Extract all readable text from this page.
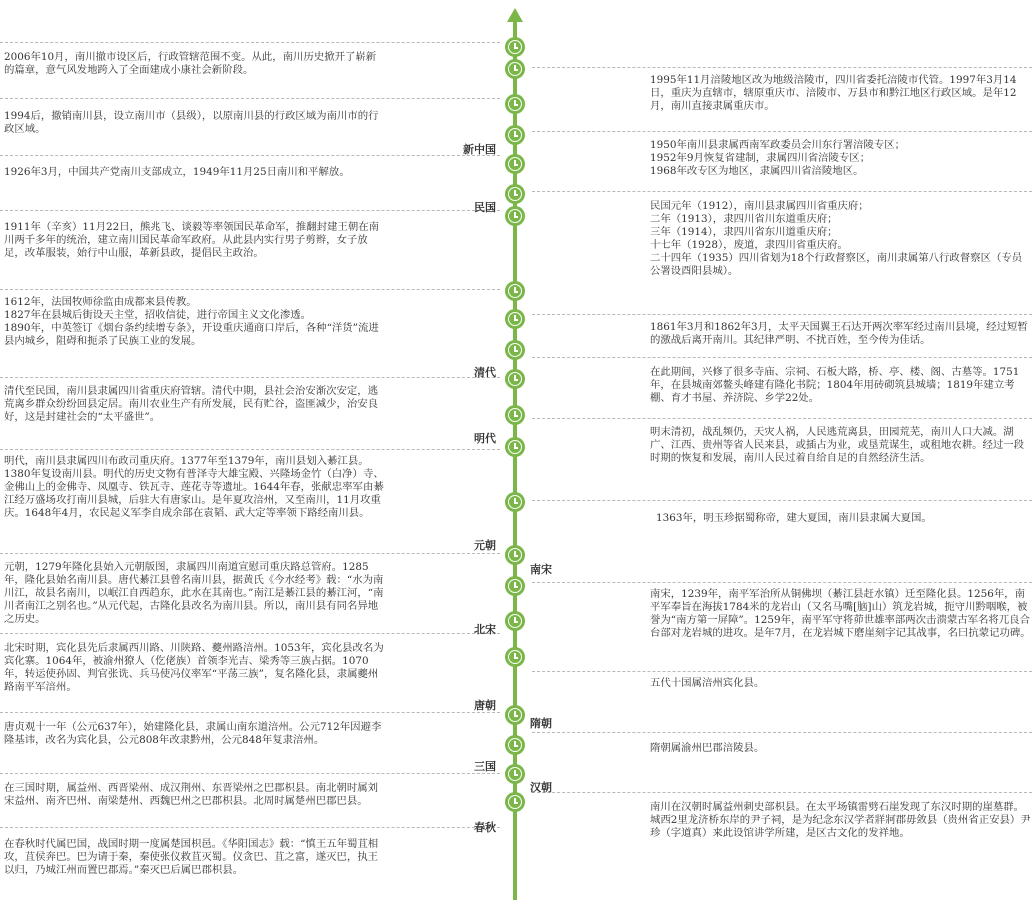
新中国
民国
清代
明代
元朝
南宋
北宋
唐朝
隋朝
三国
汉朝
春秋
2006年10月，南川撤市设区后，行政管辖范围不变。从此，南川历史掀开了崭新的篇章，意气风发地跨入了全面建成小康社会新阶段。
1994后，撤销南川县，设立南川市（县级），以原南川县的行政区域为南川市的行政区域。
1926年3月，中国共产党南川支部成立，1949年11月25日南川和平解放。
1911年（辛亥）11月22日，熊兆飞、谈毅等率领国民革命军，推翻封建王朝在南川两千多年的统治，建立南川国民革命军政府。从此县内实行男子剪辫，女子放足，改革服装，始行中山服，革新县政，提倡民主政治。
1612年，法国牧师徐监由成都来县传教。
1827年在县城后街设天主堂，招收信徒，进行帝国主义文化渗透。
1890年，中英签订《烟台条约续增专条》，开设重庆通商口岸后，各种“洋货”流进县内城乡，阻碍和扼杀了民族工业的发展。
清代至民国，南川县隶属四川省重庆府管辖。清代中期，县社会治安渐次安定，逃荒离乡群众纷纷回县定居。南川农业生产有所发展，民有贮谷，盗匪减少，治安良好，这是封建社会的“太平盛世”。
明代，南川县隶属四川布政司重庆府。1377年至1379年，南川县划入綦江县。1380年复设南川县。明代的历史文物有普泽寺大雄宝殿、兴隆场金竹（白净）寺、金佛山上的金佛寺、凤凰寺、铁瓦寺、莲花寺等遗址。1644年春，张献忠率军由綦江经万盛场攻打南川县城，后驻大有唐家山。是年夏攻涪州，又至南川，11月攻重庆。1648年4月，农民起义军李自成余部在袁韬、武大定等率领下路经南川县。
元朝，1279年隆化县始入元朝版图，隶属四川南道宣慰司重庆路总管府。1285年，隆化县始名南川县。唐代綦江县曾名南川县，据黄氏《今水经考》载：“水为南川江，故县名南川，以岷江自西趋东，此水在其南也。”南江是綦江县的綦江河，“南川者南江之别名也。”从元代起，古隆化县改名为南川县。所以，南川县有同名异地之历史。
北宋时期，宾化县先后隶属西川路、川陕路、夔州路涪州。1053年，宾化县改名为宾化寨。1064年，被渝州獠人（仡佬族）首领李光吉、梁秀等三族占据。1070年，转运使孙固、判官张诜、兵马使冯仪率军“平荡三族”，复名隆化县，隶属夔州路南平军涪州。
唐贞观十一年（公元637年），始建隆化县，隶属山南东道涪州。公元712年因避李隆基讳，改名为宾化县，公元808年改隶黔州，公元848年复隶涪州。
在三国时期，属益州、西晋梁州、成汉荆州、东晋梁州之巴郡枳县。南北朝时属刘宋益州、南齐巴州、南梁楚州、西魏巴州之巴郡枳县。北周时属楚州巴郡巴县。
在春秋时代属巴国，战国时期一度属楚国枳邑。《华阳国志》载：“慎王五年蜀苴相攻，苴侯奔巴。巴为请于秦，秦使张仪救苴灭蜀。仪贪巴、苴之富，遂灭巴，执王以归，乃城江州而置巴郡焉。”秦灭巴后属巴郡枳县。
1995年11月涪陵地区改为地级涪陵市，四川省委托涪陵市代管。1997年3月14日，重庆为直辖市，辖原重庆市、涪陵市、万县市和黔江地区行政区域。是年12月，南川直接隶属重庆市。
1950年南川县隶属西南军政委员会川东行署涪陵专区；
1952年9月恢复省建制，隶属四川省涪陵专区；
1968年改专区为地区，隶属四川省涪陵地区。
民国元年（1912），南川县隶属四川省重庆府；
二年（1913），隶四川省川东道重庆府；
三年（1914），隶四川省东川道重庆府；
十七年（1928），废道，隶四川省重庆府。
二十四年（1935）四川省划为18个行政督察区，南川隶属第八行政督察区（专员公署设酉阳县城）。
1861年3月和1862年3月，太平天国翼王石达开两次率军经过南川县境，经过短暂的激战后离开南川。其纪律严明、不扰百姓，至今传为佳话。
在此期间，兴修了很多寺庙、宗祠、石板大路，桥、亭、楼、阁、古墓等。1751年，在县城南郊鳌头峰建有隆化书院；1804年用砖砌筑县城墙；1819年建立考棚、育才书屋、养济院、乡学22处。
明末清初，战乱频仍，天灾人祸，人民逃荒离县，田园荒芜，南川人口大减。湖广、江西、贵州等省人民来县，或插占为业，或垦荒谋生，或租地农耕。经过一段时期的恢复和发展，南川人民过着自给自足的自然经济生活。
1363年，明玉珍据蜀称帝，建大夏国，南川县隶属大夏国。
南宋，1239年，南平军治所从铜佛坝（綦江县赶水镇）迁至隆化县。1256年，南平军奉旨在海拔1784米的龙岩山（又名马嘴[脑]山）筑龙岩城，扼守川黔咽喉，被誉为“南方第一屏障”。1259年，南平军守将茆世雄率部两次击溃蒙古军名将兀良合台部对龙岩城的进攻。是年7月，在龙岩城下磨崖刻字记其战事，名曰抗蒙记功碑。
五代十国属涪州宾化县。
隋朝属渝州巴郡涪陵县。
南川在汉朝时属益州刺史部枳县。在太平场镇雷劈石崖发现了东汉时期的崖墓群。城西2里龙济桥东岸的尹子祠，是为纪念东汉学者牂牁郡毋敛县（贵州省正安县）尹珍（字道真）来此设馆讲学所建，是区古文化的发祥地。
